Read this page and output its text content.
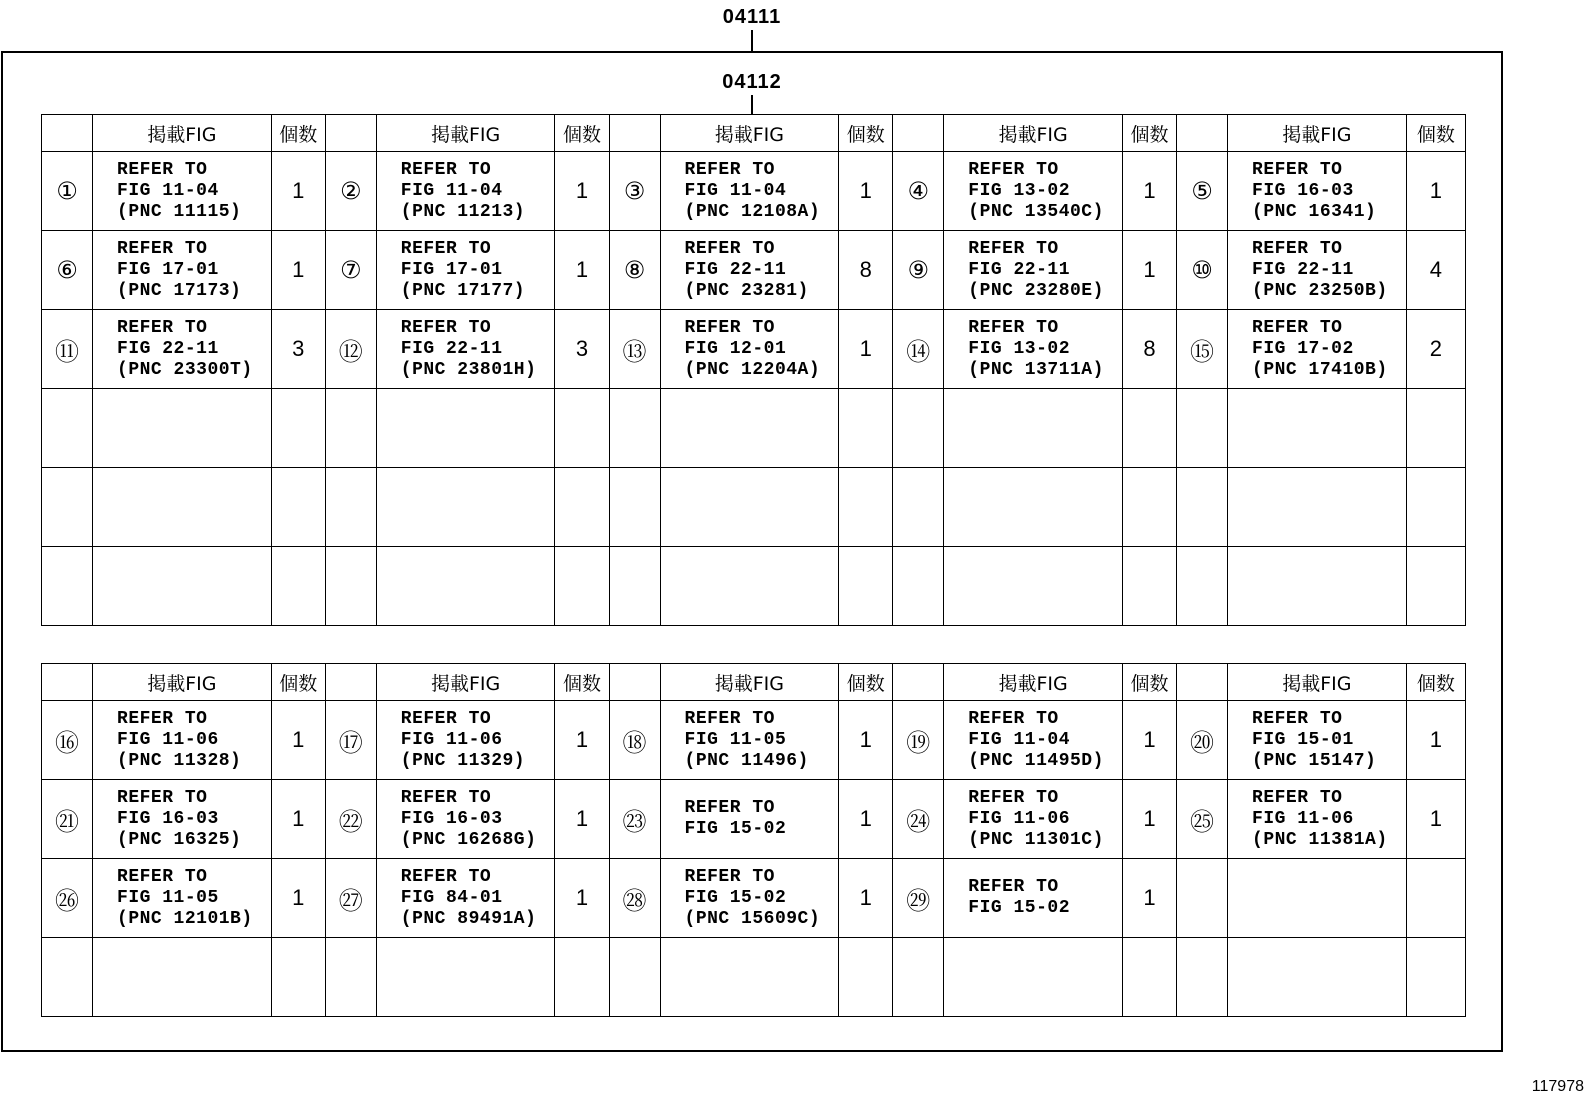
04111
04112
	掲載FIG	個数		掲載FIG	個数		掲載FIG	個数		掲載FIG	個数		掲載FIG	個数
①	REFER TO
FIG 11-04
(PNC 11115)	1	②	REFER TO
FIG 11-04
(PNC 11213)	1	③	REFER TO
FIG 11-04
(PNC 12108A)	1	④	REFER TO
FIG 13-02
(PNC 13540C)	1	⑤	REFER TO
FIG 16-03
(PNC 16341)	1
⑥	REFER TO
FIG 17-01
(PNC 17173)	1	⑦	REFER TO
FIG 17-01
(PNC 17177)	1	⑧	REFER TO
FIG 22-11
(PNC 23281)	8	⑨	REFER TO
FIG 22-11
(PNC 23280E)	1	⑩	REFER TO
FIG 22-11
(PNC 23250B)	4
⑪	REFER TO
FIG 22-11
(PNC 23300T)	3	⑫	REFER TO
FIG 22-11
(PNC 23801H)	3	⑬	REFER TO
FIG 12-01
(PNC 12204A)	1	⑭	REFER TO
FIG 13-02
(PNC 13711A)	8	⑮	REFER TO
FIG 17-02
(PNC 17410B)	2

	掲載FIG	個数		掲載FIG	個数		掲載FIG	個数		掲載FIG	個数		掲載FIG	個数
⑯	REFER TO
FIG 11-06
(PNC 11328)	1	⑰	REFER TO
FIG 11-06
(PNC 11329)	1	⑱	REFER TO
FIG 11-05
(PNC 11496)	1	⑲	REFER TO
FIG 11-04
(PNC 11495D)	1	⑳	REFER TO
FIG 15-01
(PNC 15147)	1
㉑	REFER TO
FIG 16-03
(PNC 16325)	1	㉒	REFER TO
FIG 16-03
(PNC 16268G)	1	㉓	REFER TO
FIG 15-02	1	㉔	REFER TO
FIG 11-06
(PNC 11301C)	1	㉕	REFER TO
FIG 11-06
(PNC 11381A)	1
㉖	REFER TO
FIG 11-05
(PNC 12101B)	1	㉗	REFER TO
FIG 84-01
(PNC 89491A)	1	㉘	REFER TO
FIG 15-02
(PNC 15609C)	1	㉙	REFER TO
FIG 15-02	1			

117978
